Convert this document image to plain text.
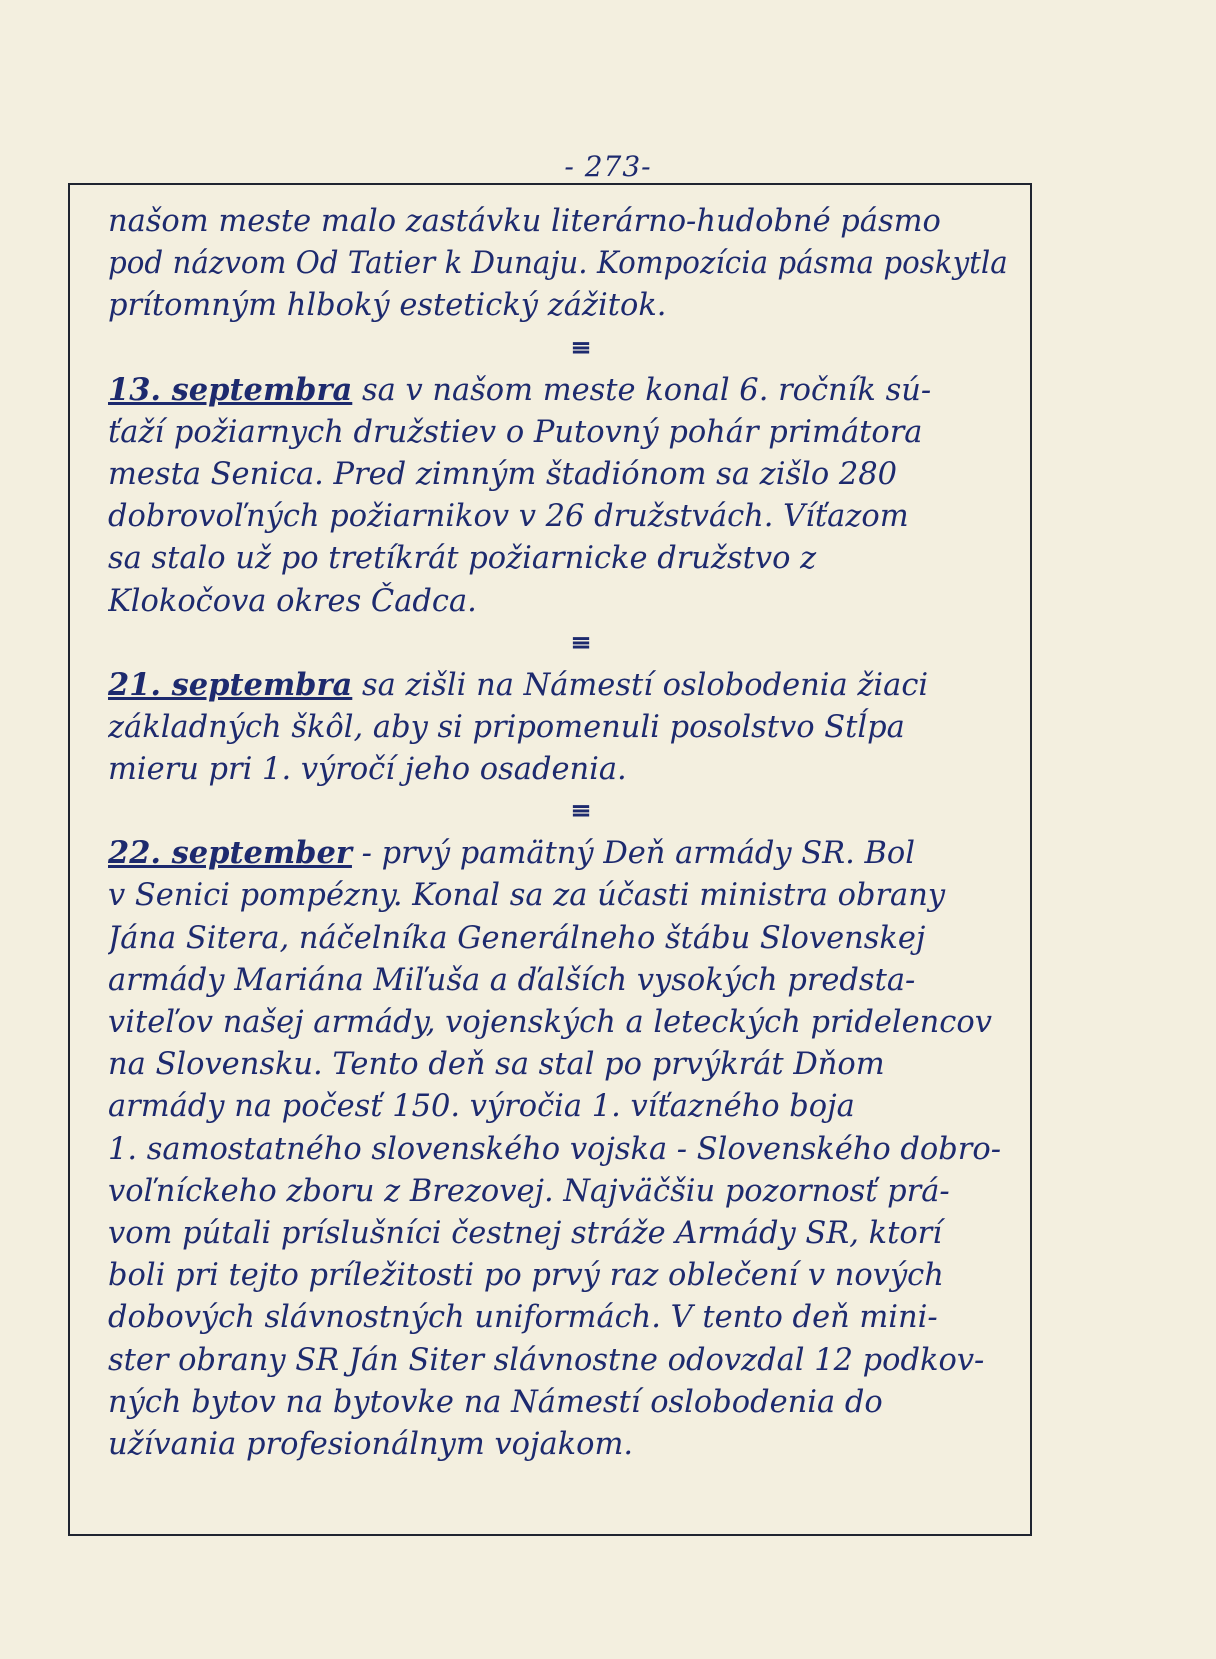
- 273-
našom meste malo zastávku literárno-hudobné pásmo
pod názvom Od Tatier k Dunaju. Kompozícia pásma poskytla
prítomným hlboký estetický zážitok.
≡
13. septembra sa v našom meste konal 6. ročník sú-
ťaží požiarnych družstiev o Putovný pohár primátora
mesta Senica. Pred zimným štadiónom sa zišlo 280
dobrovoľných požiarnikov v 26 družstvách. Víťazom
sa stalo už po tretíkrát požiarnicke družstvo z
Klokočova okres Čadca.
≡
21. septembra sa zišli na Námestí oslobodenia žiaci
základných škôl, aby si pripomenuli posolstvo Stĺpa
mieru pri 1. výročí jeho osadenia.
≡
22. september - prvý pamätný Deň armády SR. Bol
v Senici pompézny. Konal sa za účasti ministra obrany
Jána Sitera, náčelníka Generálneho štábu Slovenskej
armády Mariána Miľuša a ďalších vysokých predsta-
viteľov našej armády, vojenských a leteckých pridelencov
na Slovensku. Tento deň sa stal po prvýkrát Dňom
armády na počesť 150. výročia 1. víťazného boja
1. samostatného slovenského vojska - Slovenského dobro-
voľníckeho zboru z Brezovej. Najväčšiu pozornosť prá-
vom pútali príslušníci čestnej stráže Armády SR, ktorí
boli pri tejto príležitosti po prvý raz oblečení v nových
dobových slávnostných uniformách. V tento deň mini-
ster obrany SR Ján Siter slávnostne odovzdal 12 podkov-
ných bytov na bytovke na Námestí oslobodenia do
užívania profesionálnym vojakom.
